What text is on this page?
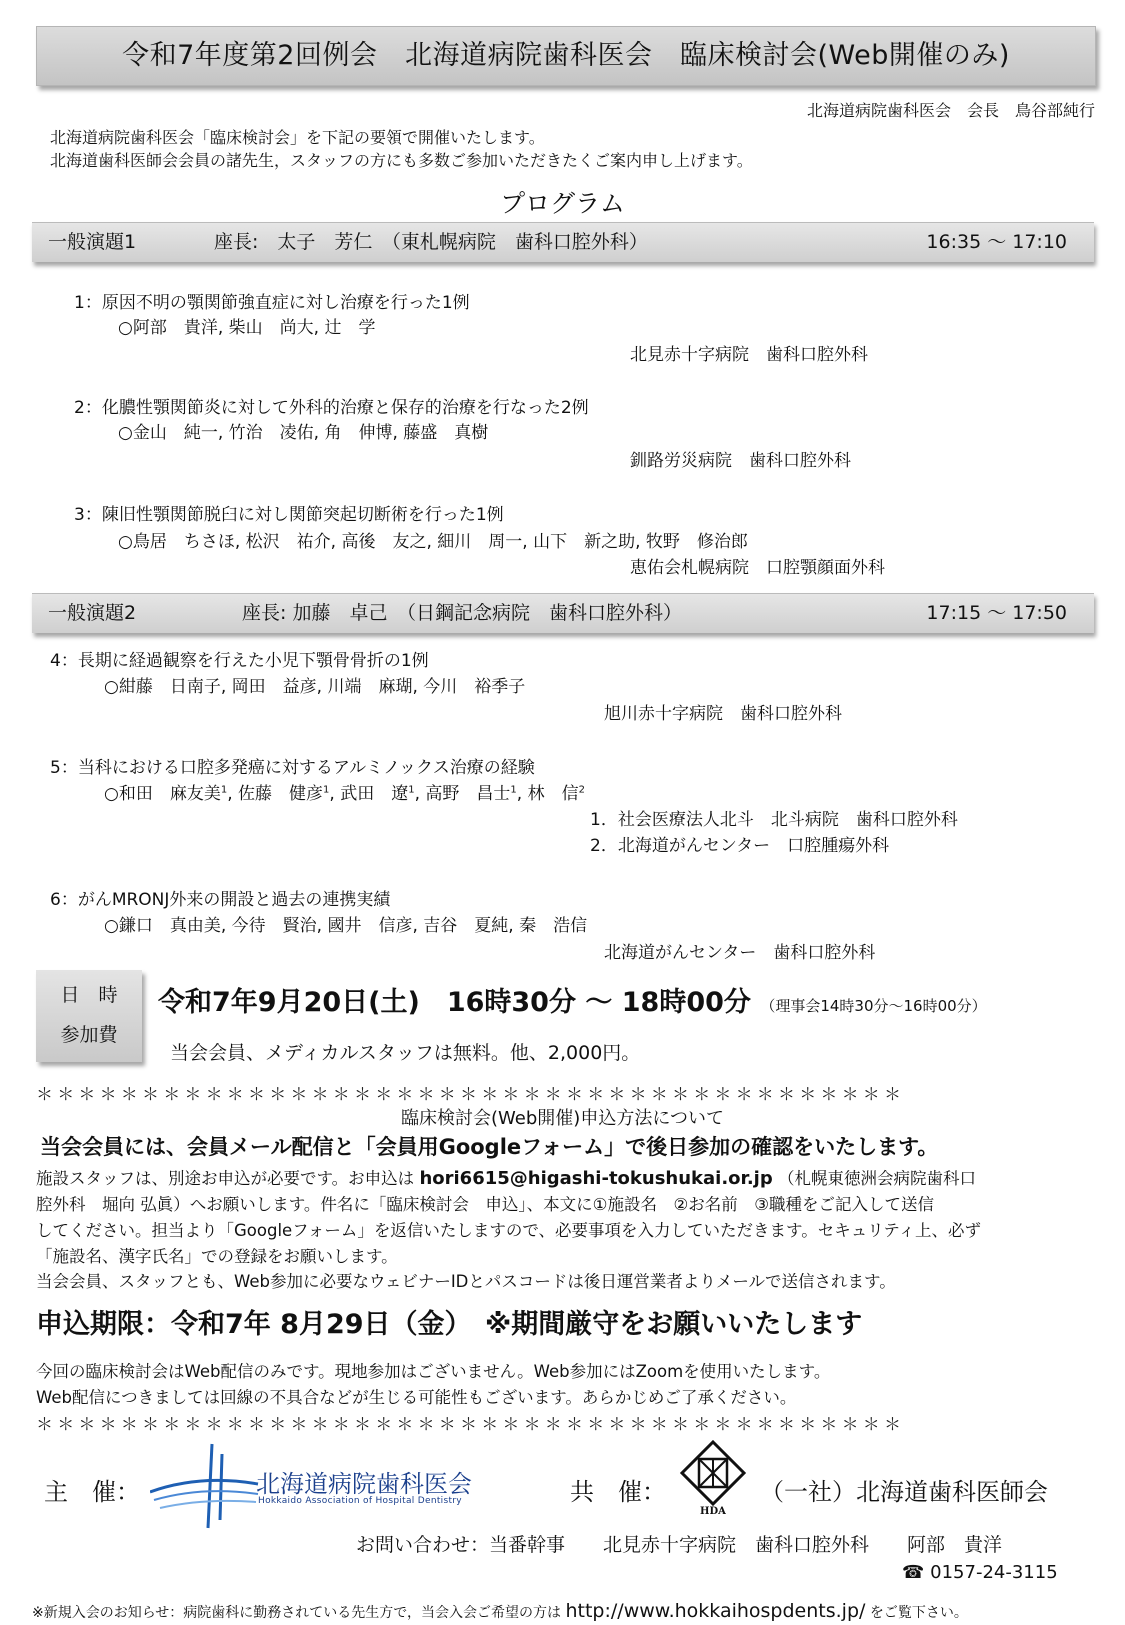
令和7年度第2回例会　北海道病院歯科医会　臨床検討会(Web開催のみ)
北海道病院歯科医会　会長　鳥谷部純行
北海道病院歯科医会「臨床検討会」を下記の要領で開催いたします。
北海道歯科医師会会員の諸先生，スタッフの方にも多数ご参加いただきたくご案内申し上げます。
プログラム
一般演題1	座長:　太子　芳仁　（東札幌病院　歯科口腔外科）	16:35 ～ 17:10
1：原因不明の顎関節強直症に対し治療を行った1例
○阿部　貴洋, 柴山　尚大, 辻　学
北見赤十字病院　歯科口腔外科
2：化膿性顎関節炎に対して外科的治療と保存的治療を行なった2例
○金山　純一, 竹治　凌佑, 角　伸博, 藤盛　真樹
釧路労災病院　歯科口腔外科
3：陳旧性顎関節脱臼に対し関節突起切断術を行った1例
○鳥居　ちさほ, 松沢　祐介, 高後　友之, 細川　周一, 山下　新之助, 牧野　修治郎
恵佑会札幌病院　口腔顎顔面外科
一般演題2	座長: 加藤　卓己　（日鋼記念病院　歯科口腔外科）	17:15 ～ 17:50
4：長期に経過観察を行えた小児下顎骨骨折の1例
○紺藤　日南子, 岡田　益彦, 川端　麻瑚, 今川　裕季子
旭川赤十字病院　歯科口腔外科
5：当科における口腔多発癌に対するアルミノックス治療の経験
○和田　麻友美$^1$, 佐藤　健彦$^1$, 武田　遼$^1$, 高野　昌士$^1$, 林　信$^2$
1．社会医療法人北斗　北斗病院　歯科口腔外科
2．北海道がんセンター　口腔腫瘍外科
6：がんMRONJ外来の開設と過去の連携実績
○鎌口　真由美, 今待　賢治, 國井　信彦, 吉谷　夏純, 秦　浩信
北海道がんセンター　歯科口腔外科
日　時
参加費
令和7年9月20日(土)　16時30分 ～ 18時00分 （理事会14時30分～16時00分）
当会会員、メディカルスタッフは無料。他、2,000円。
＊＊＊＊＊＊＊＊＊＊＊＊＊＊＊＊＊＊＊＊＊＊＊＊＊＊＊＊＊＊＊＊＊＊＊＊＊＊＊＊＊
臨床検討会(Web開催)申込方法について
当会会員には、会員メール配信と「会員用Googleフォーム」で後日参加の確認をいたします。
施設スタッフは、別途お申込が必要です。お申込は hori6615@higashi-tokushukai.or.jp （札幌東徳洲会病院歯科口
腔外科　堀向 弘眞）へお願いします。件名に「臨床検討会　申込」、本文に①施設名　②お名前　③職種をご記入して送信
してください。担当より「Googleフォーム」を返信いたしますので、必要事項を入力していただきます。セキュリティ上、必ず
「施設名、漢字氏名」での登録をお願いします。
当会会員、スタッフとも、Web参加に必要なウェビナーIDとパスコードは後日運営業者よりメールで送信されます。
申込期限：令和7年 8月29日（金）　※期間厳守をお願いいたします
今回の臨床検討会はWeb配信のみです。現地参加はございません。Web参加にはZoomを使用いたします。
Web配信につきましては回線の不具合などが生じる可能性もございます。あらかじめご了承ください。
＊＊＊＊＊＊＊＊＊＊＊＊＊＊＊＊＊＊＊＊＊＊＊＊＊＊＊＊＊＊＊＊＊＊＊＊＊＊＊＊＊
主　催：	北海道病院歯科医会
Hokkaido Association of Hospital Dentistry	共　催：
HDA
（一社）北海道歯科医師会
お問い合わせ：当番幹事　　北見赤十字病院　歯科口腔外科　　阿部　貴洋
☎ 0157-24-3115
※新規入会のお知らせ：病院歯科に勤務されている先生方で，当会入会ご希望の方は http://www.hokkaihospdents.jp/ をご覧下さい。
